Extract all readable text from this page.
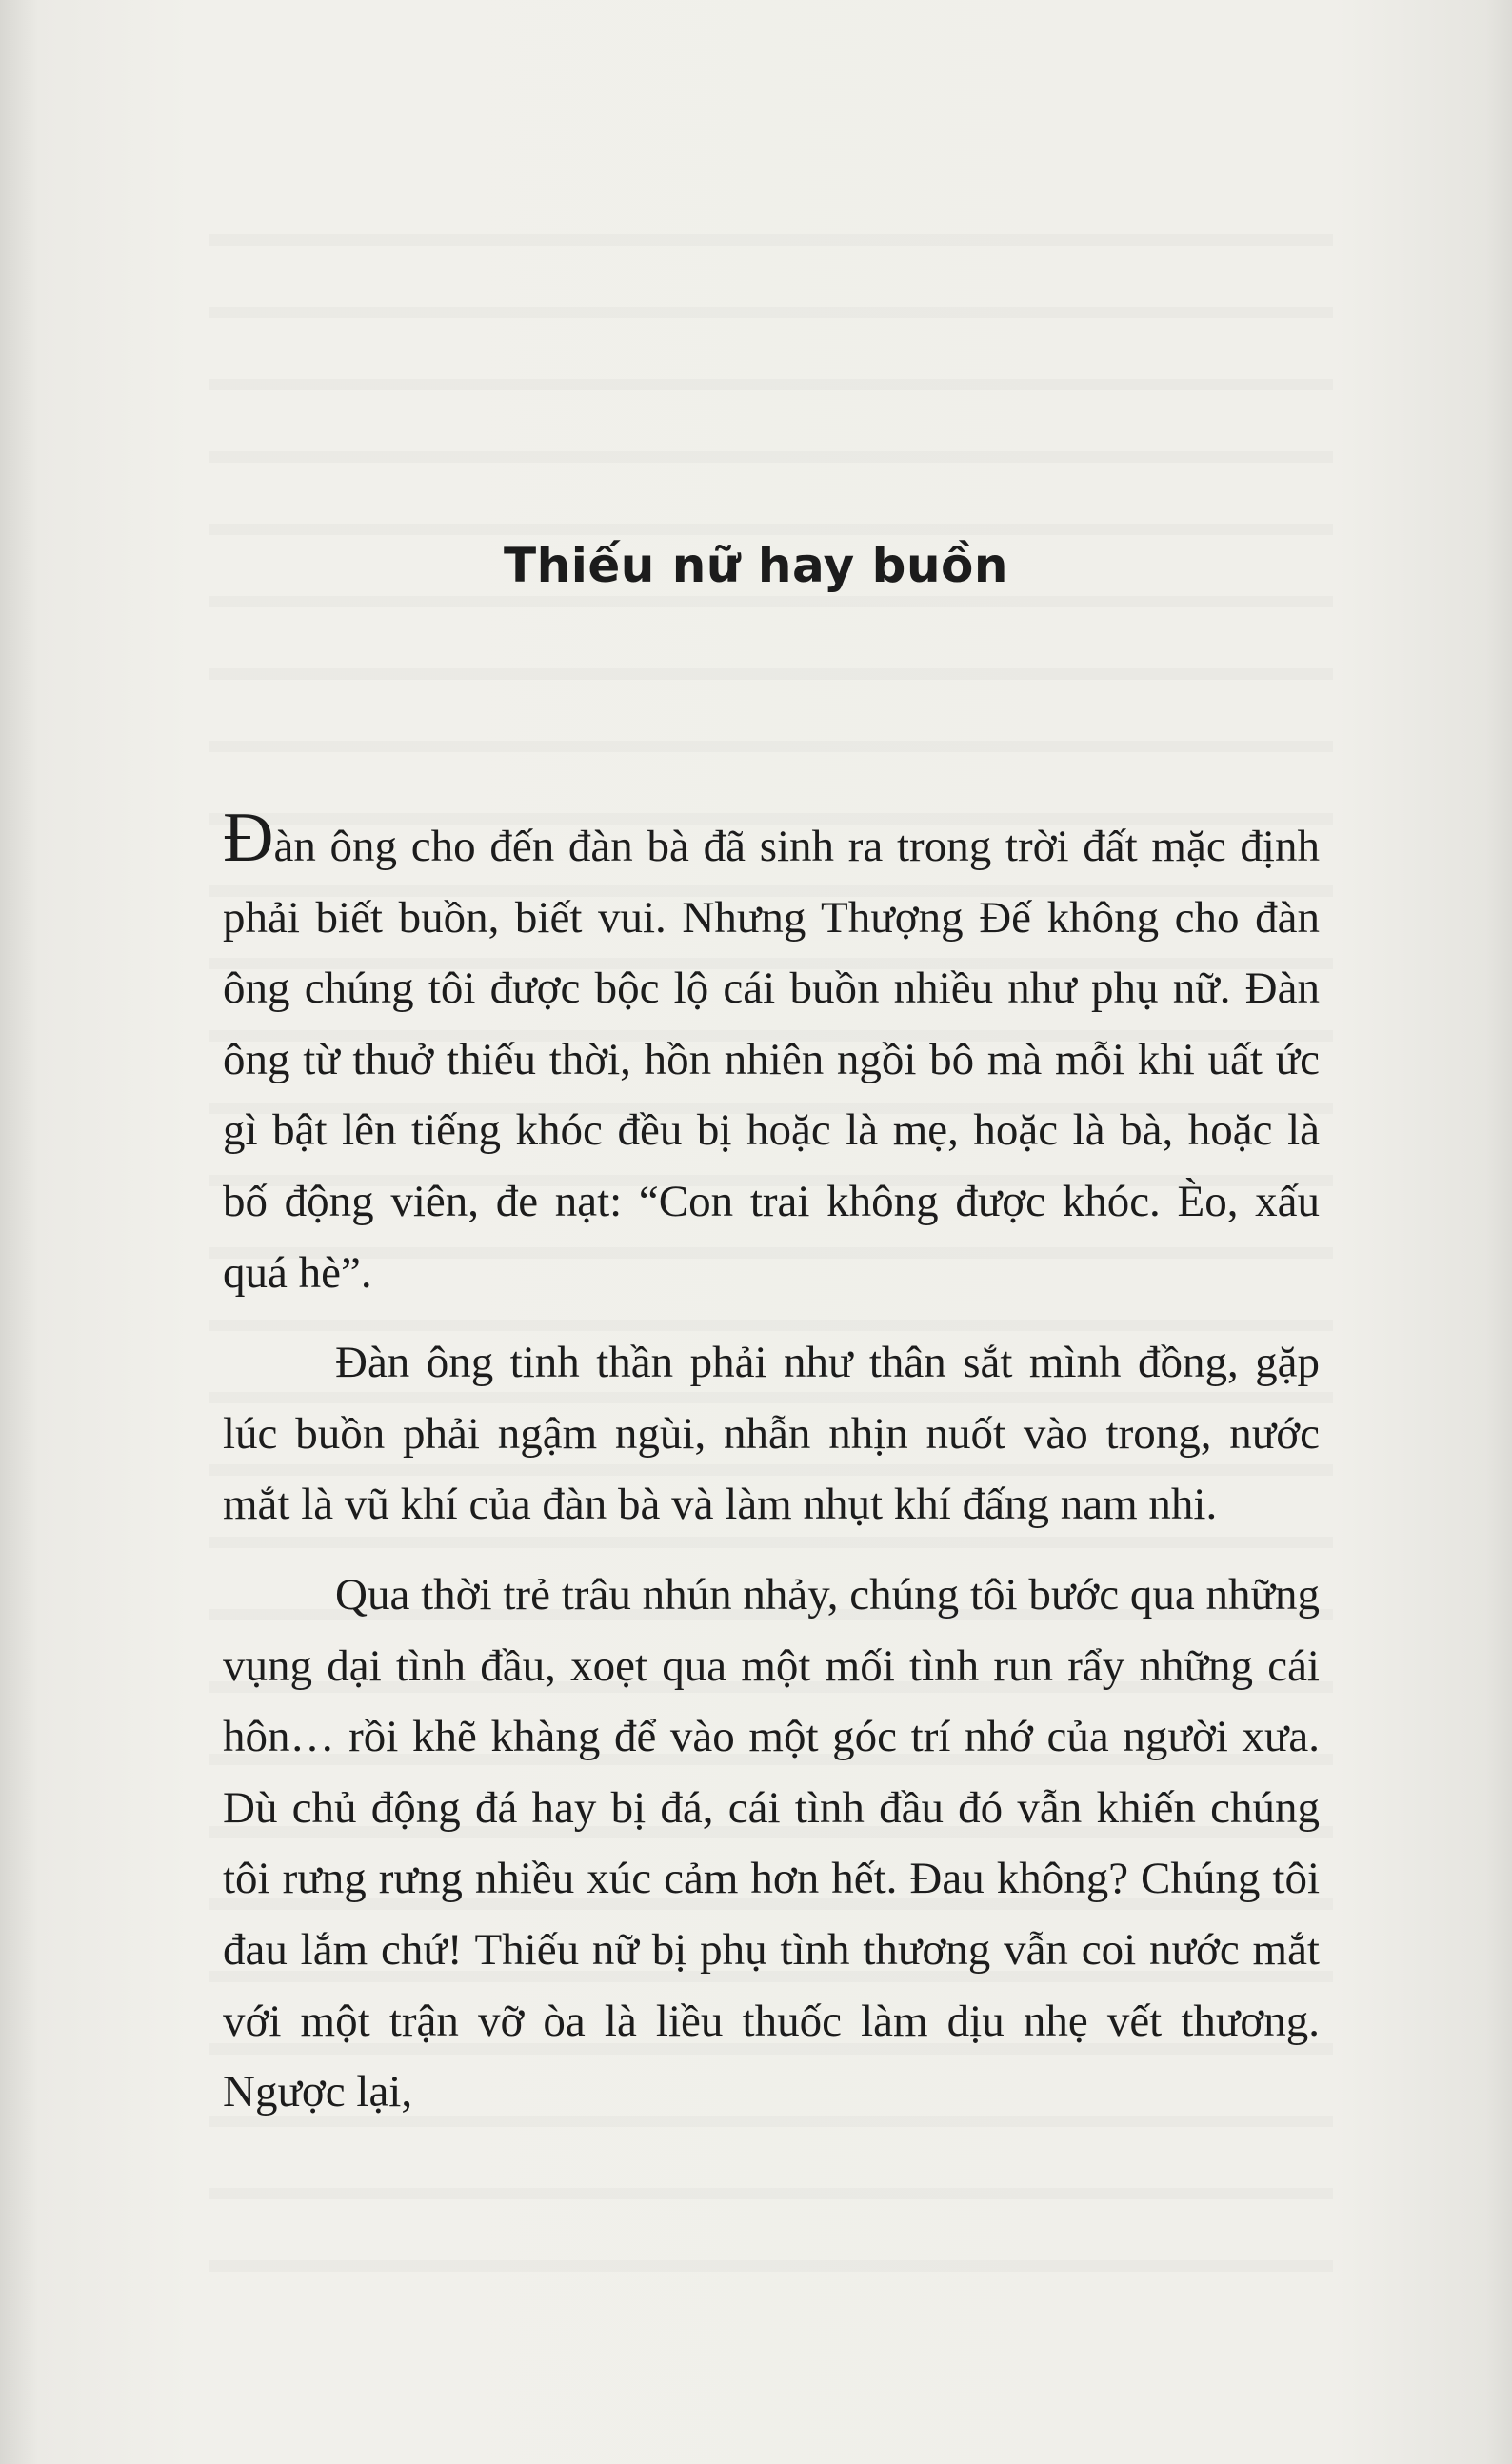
Thiếu nữ hay buồn

Đàn ông cho đến đàn bà đã sinh ra trong trời đất mặc định phải biết buồn, biết vui. Nhưng Thượng Đế không cho đàn ông chúng tôi được bộc lộ cái buồn nhiều như phụ nữ. Đàn ông từ thuở thiếu thời, hồn nhiên ngồi bô mà mỗi khi uất ức gì bật lên tiếng khóc đều bị hoặc là mẹ, hoặc là bà, hoặc là bố động viên, đe nạt: “Con trai không được khóc. Èo, xấu quá hè”.

Đàn ông tinh thần phải như thân sắt mình đồng, gặp lúc buồn phải ngậm ngùi, nhẫn nhịn nuốt vào trong, nước mắt là vũ khí của đàn bà và làm nhụt khí đấng nam nhi.

Qua thời trẻ trâu nhún nhảy, chúng tôi bước qua những vụng dại tình đầu, xoẹt qua một mối tình run rẩy những cái hôn… rồi khẽ khàng để vào một góc trí nhớ của người xưa. Dù chủ động đá hay bị đá, cái tình đầu đó vẫn khiến chúng tôi rưng rưng nhiều xúc cảm hơn hết. Đau không? Chúng tôi đau lắm chứ! Thiếu nữ bị phụ tình thương vẫn coi nước mắt với một trận vỡ òa là liều thuốc làm dịu nhẹ vết thương. Ngược lại,
